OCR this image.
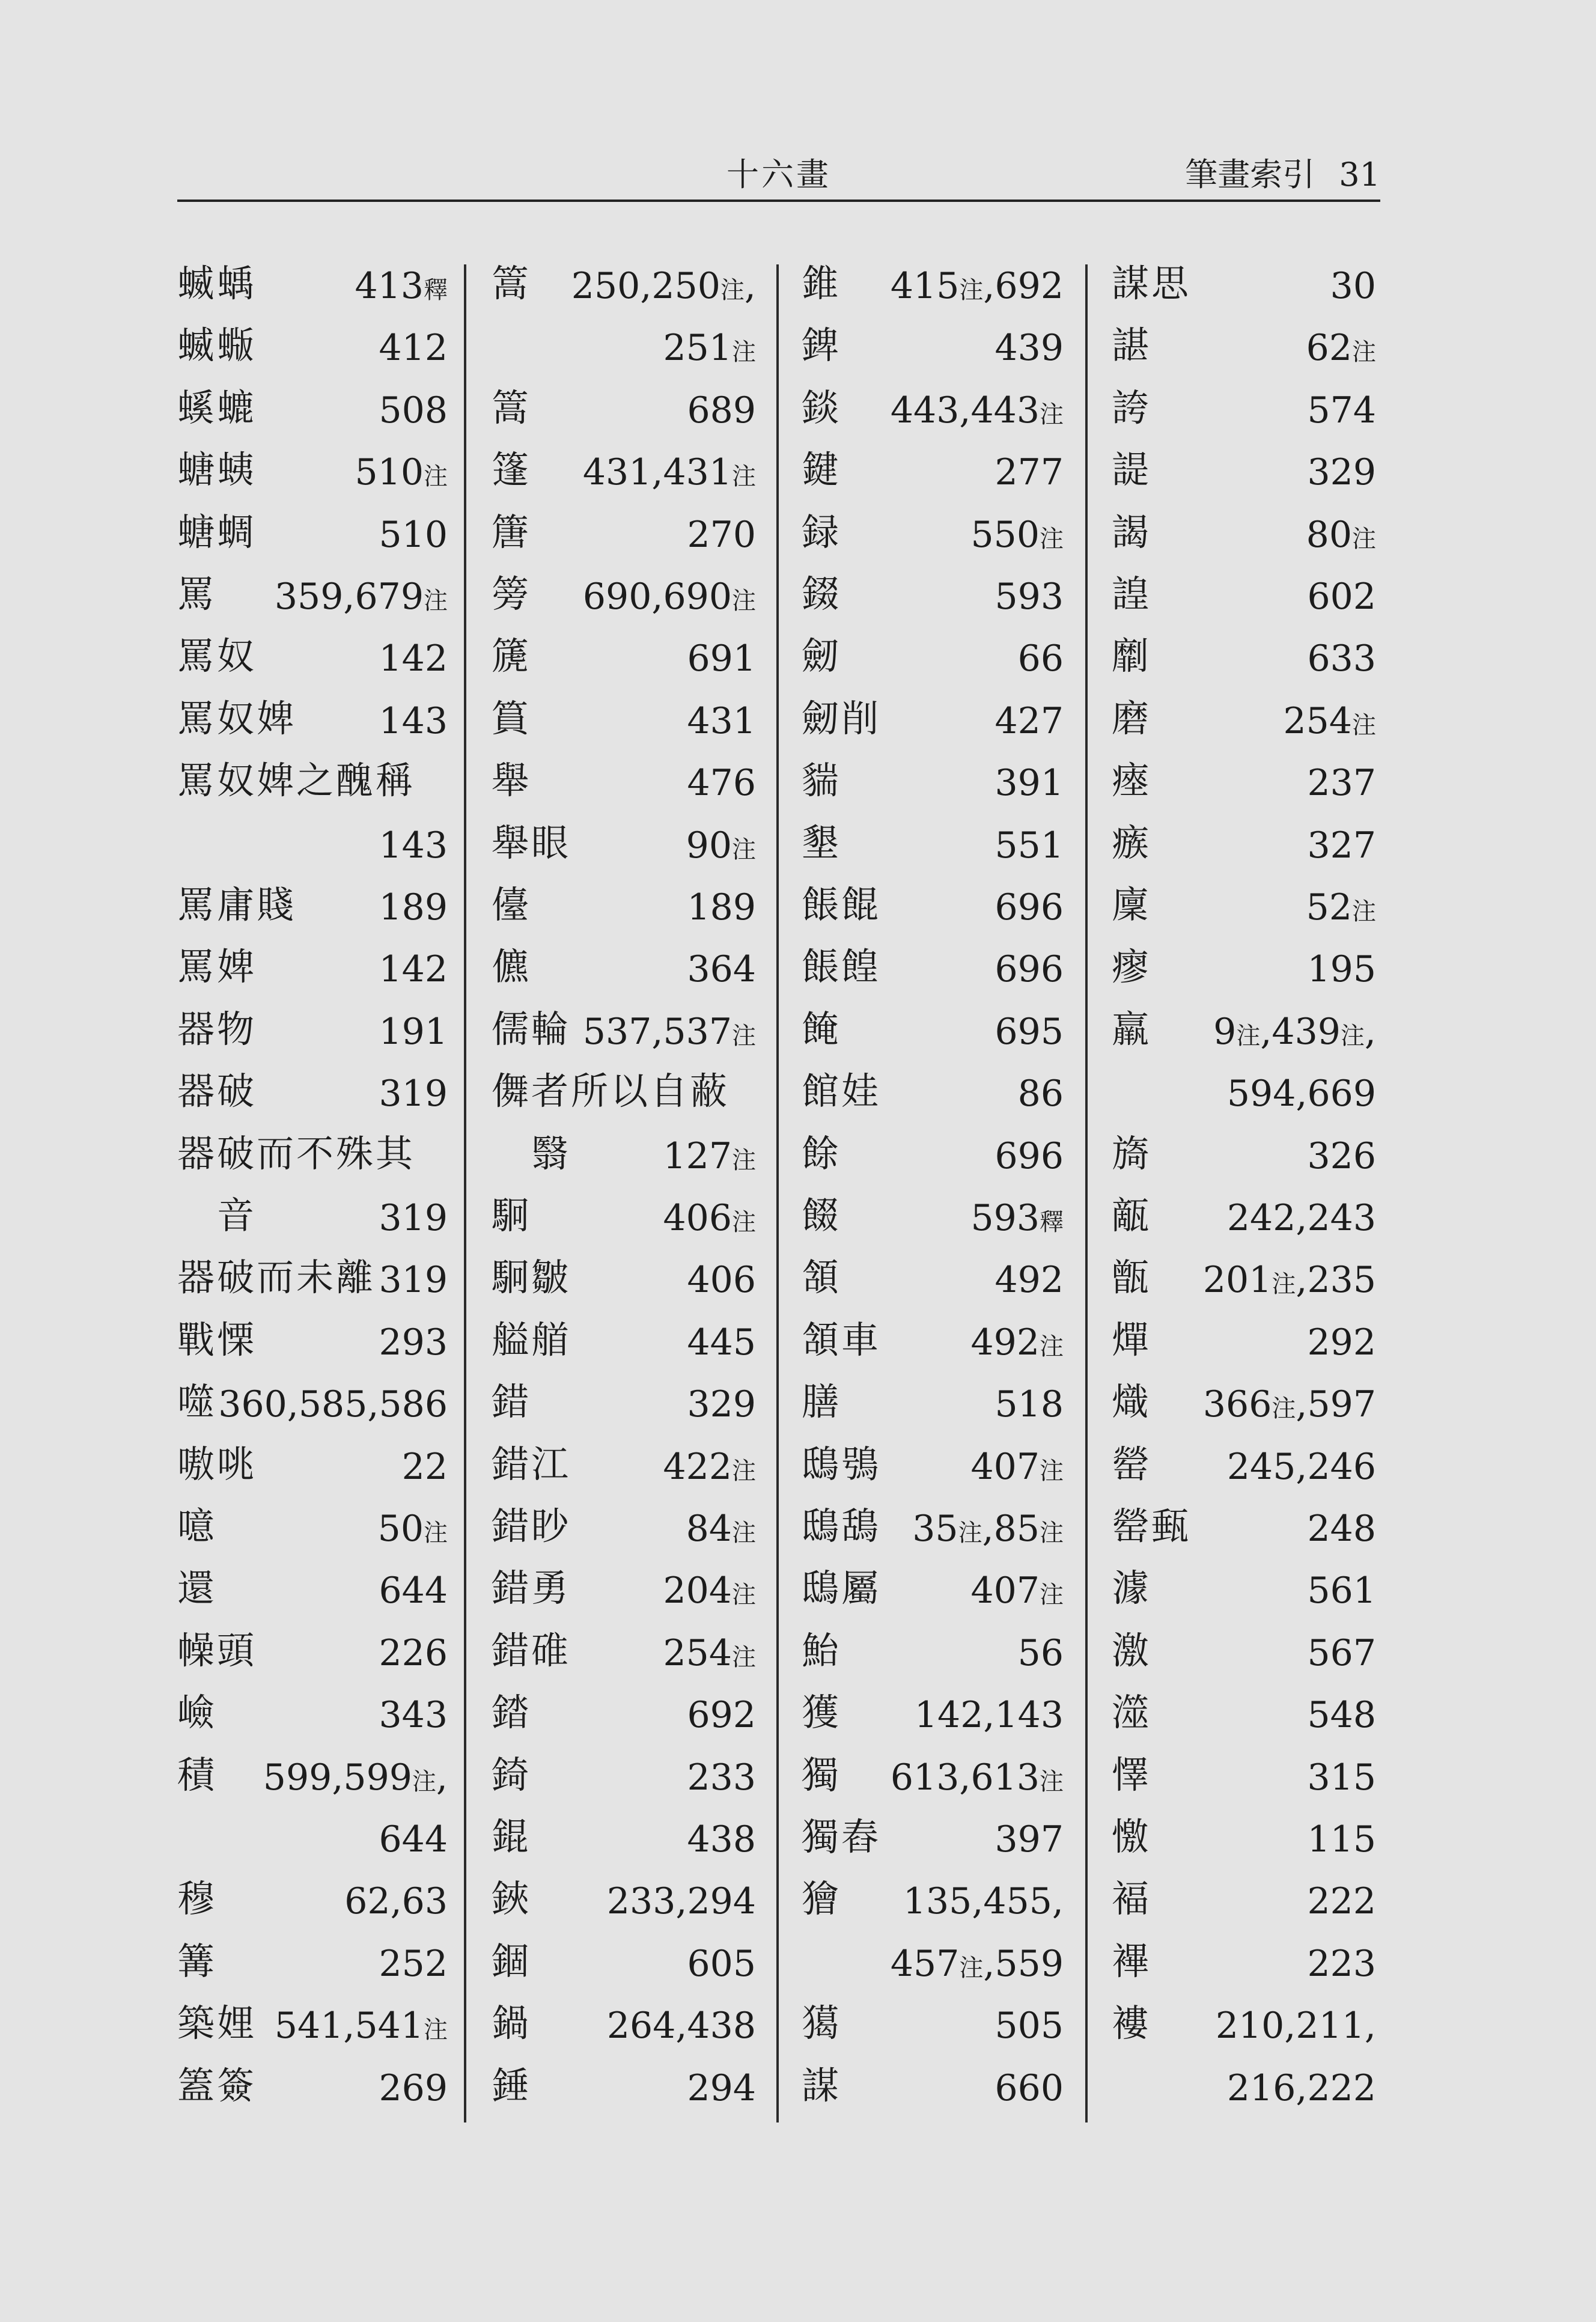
十六畫	筆畫索引 31
蝛蝺	413釋
蝛蝂	412
螇螰	508
螗蛦	510注
螗蜩	510
罵 359,679注
罵奴	142
罵奴婢 143
罵奴婢之醜稱
143
罵庸賤 189
罵婢	142
器物	191
器破	319
器破而不殊其
　音	319
器破而未離 319
戰慄	293
噬 360,585,586
嗷咷	22
噫	50注
還	644
幧頭	226
嶮	343
積 599,599注,
644
穆	62,63
篝	252
築娌 541,541注
篕簽	269
篙 250,250注,
251注
篙	689
篷 431,431注
篖	270
篣 690,690注
篪	691
篔	431
舉	476
舉眼	90注
儓	189
儦	364
儒輪 537,537注
儛者所以自蔽
　翳	127注
駉	406注
駉皺	406
艗艏	445
錯	329
錯江	422注
錯眇	84注
錯勇	204注
錯碓	254注
錔	692
錡	233
錕	438
鋏 233,294
錮	605
鍋 264,438
錘	294
錐 415注,692
錍	439
錟 443,443注
鍵	277
録	550注
錣	593
劒	66
劒削	427
貒	391
墾	551
餦餛	696
餦餭	696
餣	695
館娃	86
餘	696
餟	593釋
頷	492
頷車 492注
膳	518
鴟鴞 407注
鴟鴰 35注,85注
鴟屬 407注
鮐	56
獲 142,143
獨 613,613注
獨舂	397
獪 135,455,
457注,559
獦	505
謀	660
謀思	30
諶	62注
誇	574
諟	329
謁	80注
諻	602
劘	633
磨	254注
瘞	237
瘯	327
廩	52注
瘳	195
羸 9注,439注,
594,669
旖	326
甋 242,243
甑 201注,235
燀	292
熾 366注,597
罃 245,246
罃甀	248
澽	561
激	567
澨	548
懌	315
憿	115
褔	222
襅	223
褸 210,211,
216,222
